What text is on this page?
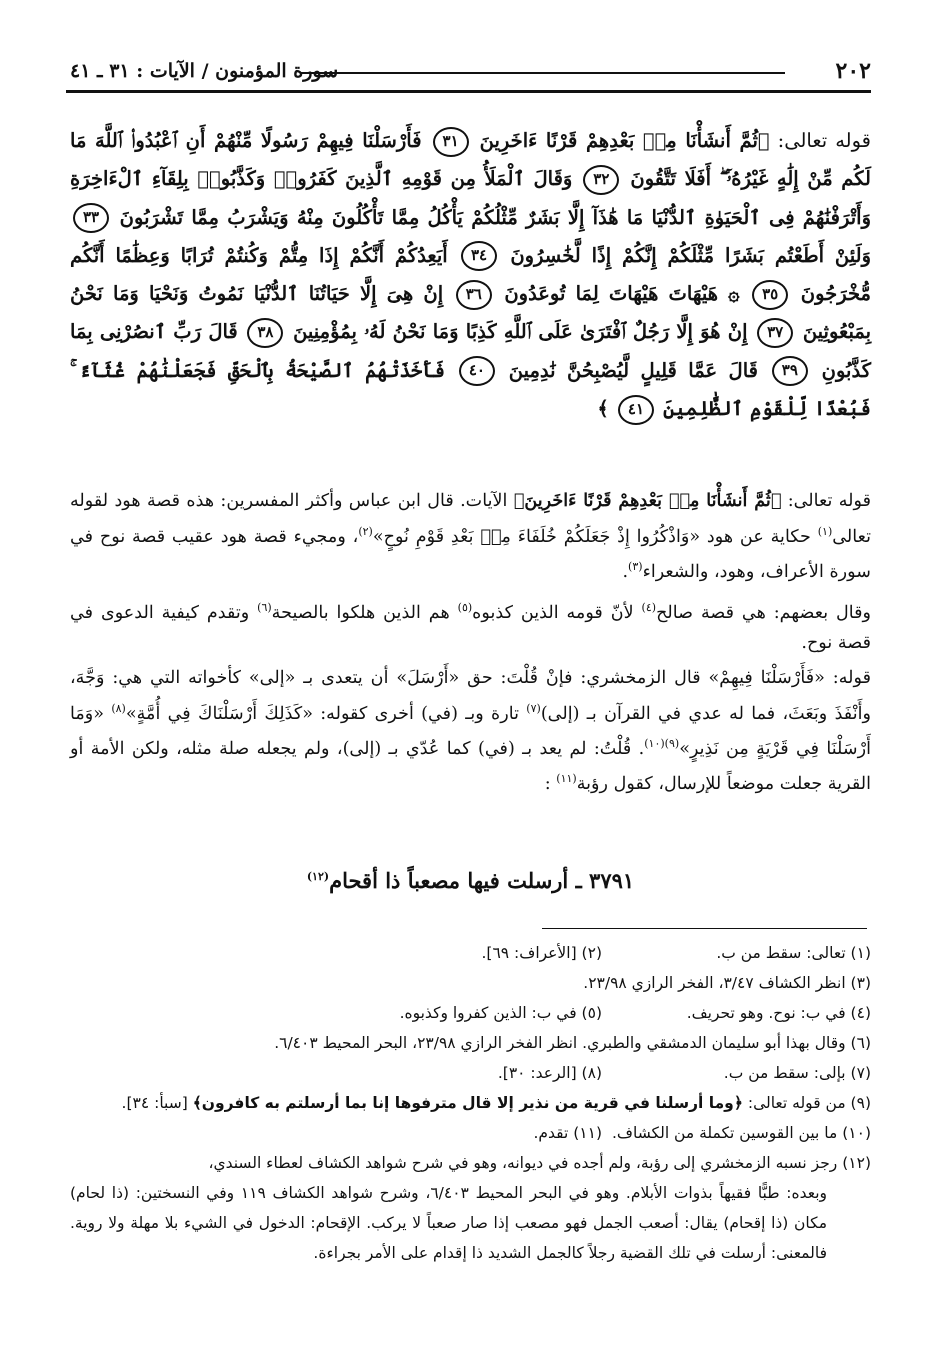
٢٠٢
سورة المؤمنون / الآيات : ٣١ ـ ٤١
قوله تعالى: ﴿ثُمَّ أَنشَأْنَا مِنۢ بَعْدِهِمْ قَرْنًا ءَاخَرِينَ ٣١ فَأَرْسَلْنَا فِيهِمْ رَسُولًا مِّنْهُمْ أَنِ ٱعْبُدُوا۟ ٱللَّهَ مَا لَكُم مِّنْ إِلَٰهٍ غَيْرُهُۥٓ ۖ أَفَلَا تَتَّقُونَ ٣٢ وَقَالَ ٱلْمَلَأُ مِن قَوْمِهِ ٱلَّذِينَ كَفَرُوا۟ وَكَذَّبُوا۟ بِلِقَآءِ ٱلْءَاخِرَةِ وَأَتْرَفْنَٰهُمْ فِى ٱلْحَيَوٰةِ ٱلدُّنْيَا مَا هَٰذَآ إِلَّا بَشَرٌ مِّثْلُكُمْ يَأْكُلُ مِمَّا تَأْكُلُونَ مِنْهُ وَيَشْرَبُ مِمَّا تَشْرَبُونَ ٣٣ وَلَئِنْ أَطَعْتُم بَشَرًا مِّثْلَكُمْ إِنَّكُمْ إِذًا لَّخَٰسِرُونَ ٣٤ أَيَعِدُكُمْ أَنَّكُمْ إِذَا مِتُّمْ وَكُنتُمْ تُرَابًا وَعِظَٰمًا أَنَّكُم مُّخْرَجُونَ ٣٥ ۞ هَيْهَاتَ هَيْهَاتَ لِمَا تُوعَدُونَ ٣٦ إِنْ هِىَ إِلَّا حَيَاتُنَا ٱلدُّنْيَا نَمُوتُ وَنَحْيَا وَمَا نَحْنُ بِمَبْعُوثِينَ ٣٧ إِنْ هُوَ إِلَّا رَجُلٌ ٱفْتَرَىٰ عَلَى ٱللَّهِ كَذِبًا وَمَا نَحْنُ لَهُۥ بِمُؤْمِنِينَ ٣٨ قَالَ رَبِّ ٱنصُرْنِى بِمَا كَذَّبُونِ ٣٩ قَالَ عَمَّا قَلِيلٍ لَّيُصْبِحُنَّ نَٰدِمِينَ ٤٠ فَأَخَذَتْهُمُ ٱلصَّيْحَةُ بِٱلْحَقِّ فَجَعَلْنَٰهُمْ غُثَآءً ۚ فَبُعْدًا لِّلْقَوْمِ ٱلظَّٰلِمِينَ ٤١ ﴾

قوله تعالى: ﴿ثُمَّ أَنشَأْنَا مِنۢ بَعْدِهِمْ قَرْنًا ءَاخَرِينَ﴾ الآيات. قال ابن عباس وأكثر المفسرين: هذه قصة هود لقوله تعالى$^{(١)}$ حكاية عن هود «وَاذْكُرُوا إِذْ جَعَلَكُمْ خُلَفَاءَ مِنۢ بَعْدِ قَوْمِ نُوحٍ»$^{(٢)}$، ومجيء قصة هود عقيب قصة نوح في سورة الأعراف، وهود، والشعراء$^{(٣)}$.

وقال بعضهم: هي قصة صالح$^{(٤)}$ لأنّ قومه الذين كذبوه$^{(٥)}$ هم الذين هلكوا بالصيحة$^{(٦)}$ وتقدم كيفية الدعوى في قصة نوح.

قوله: «فَأَرْسَلْنَا فِيهِمْ» قال الزمخشري: فإنْ قُلْتَ: حق «أَرْسَلَ» أن يتعدى بـ «إلى» كأخواته التي هي: وَجَّهَ، وأَنْفَذَ وبَعَثَ، فما له عدي في القرآن بـ (إلى)$^{(٧)}$ تارة وبـ (في) أخرى كقوله: «كَذَلِكَ أَرْسَلْنَاكَ فِي أُمَّةٍ»$^{(٨)}$ «وَمَا أَرْسَلْنَا فِي قَرْيَةٍ مِن نَذِيرٍ»$^{(٩)(١٠)}$. قُلْتُ: لم يعد بـ (في) كما عُدّي بـ (إلى)، ولم يجعله صلة مثله، ولكن الأمة أو القرية جعلت موضعاً للإرسال، كقول رؤبة$^{(١١)}$ :

٣٧٩١ ـ أرسلت فيها مصعباً ذا أقحام$^{(١٢)}$
(١) تعالى: سقط من ب.
(٢) [الأعراف: ٦٩].
(٣) انظر الكشاف ٣/٤٧، الفخر الرازي ٢٣/٩٨.
(٤) في ب: نوح. وهو تحريف.
(٥) في ب: الذين كفروا وكذبوه.
(٦) وقال بهذا أبو سليمان الدمشقي والطبري. انظر الفخر الرازي ٢٣/٩٨، البحر المحيط ٦/٤٠٣.
(٧) بإلى: سقط من ب.
(٨) [الرعد: ٣٠].
(٩) من قوله تعالى: ﴿وما أرسلنا في قرية من نذير إلا قال مترفوها إنا بما أرسلتم به كافرون﴾ [سبأ: ٣٤].
(١٠) ما بين القوسين تكملة من الكشاف.
(١١) تقدم.
(١٢) رجز نسبه الزمخشري إلى رؤبة، ولم أجده في ديوانه، وهو في شرح شواهد الكشاف لعطاء السندي،
وبعده: طبًّا فقيهاً بذوات الأبلام. وهو في البحر المحيط ٦/٤٠٣، وشرح شواهد الكشاف ١١٩ وفي النسختين: (ذا لحام) مكان (ذا إقحام) يقال: أصعب الجمل فهو مصعب إذا صار صعباً لا يركب. الإقحام: الدخول في الشيء بلا مهلة ولا روية. فالمعنى: أرسلت في تلك القضية رجلاً كالجمل الشديد ذا إقدام على الأمر بجراءة.
